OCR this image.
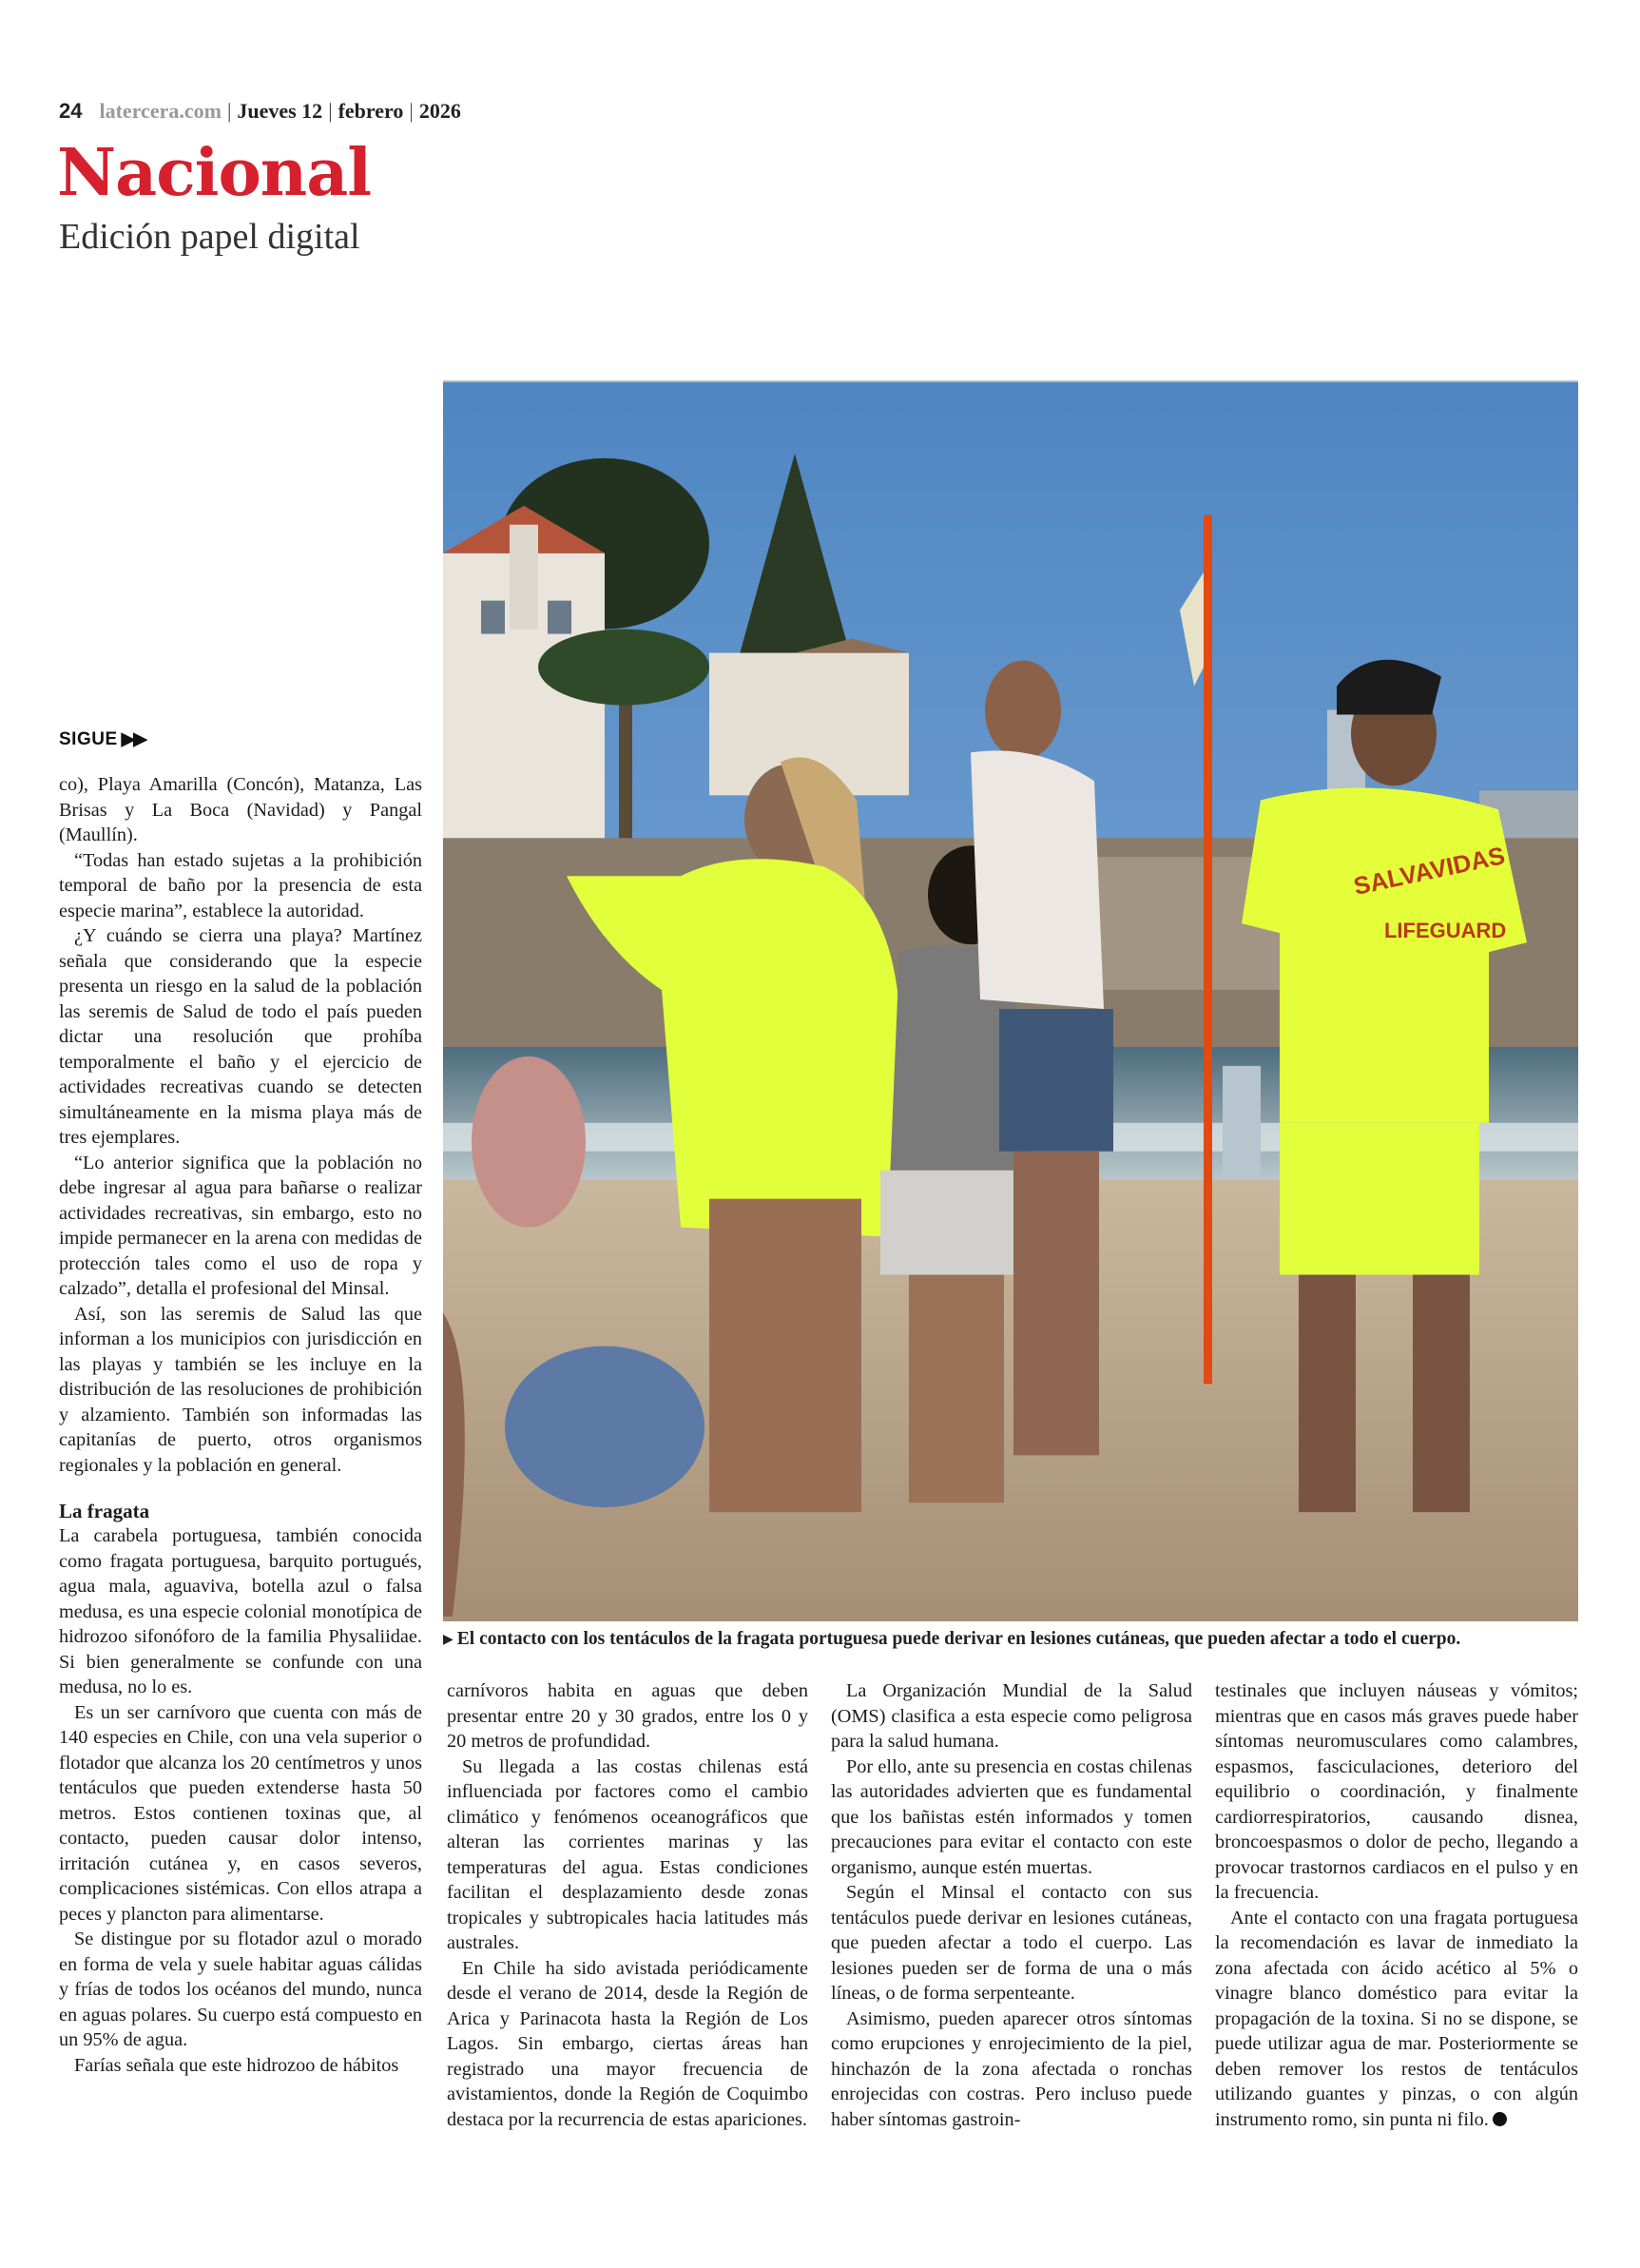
24 latercera.com | Jueves 12 | febrero | 2026
Nacional
Edición papel digital
SALVAVIDAS
LIFEGUARD
▶ El contacto con los tentáculos de la fragata portuguesa puede derivar en lesiones cutáneas, que pueden afectar a todo el cuerpo.
SIGUE ▶▶

co), Playa Amarilla (Concón), Matanza, Las Brisas y La Boca (Navidad) y Pangal (Maullín).

“Todas han estado sujetas a la prohibición temporal de baño por la presencia de esta especie marina”, establece la autoridad.

¿Y cuándo se cierra una playa? Martínez señala que considerando que la especie presenta un riesgo en la salud de la población las seremis de Salud de todo el país pueden dictar una resolución que prohíba temporalmente el baño y el ejercicio de actividades recreativas cuando se detecten simultáneamente en la misma playa más de tres ejemplares.

“Lo anterior significa que la población no debe ingresar al agua para bañarse o realizar actividades recreativas, sin embargo, esto no impide permanecer en la arena con medidas de protección tales como el uso de ropa y calzado”, detalla el profesional del Minsal.

Así, son las seremis de Salud las que informan a los municipios con jurisdicción en las playas y también se les incluye en la distribución de las resoluciones de prohibición y alzamiento. También son informadas las capitanías de puerto, otros organismos regionales y la población en general.

La fragata

La carabela portuguesa, también conocida como fragata portuguesa, barquito portugués, agua mala, aguaviva, botella azul o falsa medusa, es una especie colonial monotípica de hidrozoo sifonóforo de la familia Physaliidae. Si bien generalmente se confunde con una medusa, no lo es.

Es un ser carnívoro que cuenta con más de 140 especies en Chile, con una vela superior o flotador que alcanza los 20 centímetros y unos tentáculos que pueden extenderse hasta 50 metros. Estos contienen toxinas que, al contacto, pueden causar dolor intenso, irritación cutánea y, en casos severos, complicaciones sistémicas. Con ellos atrapa a peces y plancton para alimentarse.

Se distingue por su flotador azul o morado en forma de vela y suele habitar aguas cálidas y frías de todos los océanos del mundo, nunca en aguas polares. Su cuerpo está compuesto en un 95% de agua.

Farías señala que este hidrozoo de hábitos

carnívoros habita en aguas que deben presentar entre 20 y 30 grados, entre los 0 y 20 metros de profundidad.

Su llegada a las costas chilenas está influenciada por factores como el cambio climático y fenómenos oceanográficos que alteran las corrientes marinas y las temperaturas del agua. Estas condiciones facilitan el desplazamiento desde zonas tropicales y subtropicales hacia latitudes más australes.

En Chile ha sido avistada periódicamente desde el verano de 2014, desde la Región de Arica y Parinacota hasta la Región de Los Lagos. Sin embargo, ciertas áreas han registrado una mayor frecuencia de avistamientos, donde la Región de Coquimbo destaca por la recurrencia de estas apariciones.

La Organización Mundial de la Salud (OMS) clasifica a esta especie como peligrosa para la salud humana.

Por ello, ante su presencia en costas chilenas las autoridades advierten que es fundamental que los bañistas estén informados y tomen precauciones para evitar el contacto con este organismo, aunque estén muertas.

Según el Minsal el contacto con sus tentáculos puede derivar en lesiones cutáneas, que pueden afectar a todo el cuerpo. Las lesiones pueden ser de forma de una o más líneas, o de forma serpenteante.

Asimismo, pueden aparecer otros síntomas como erupciones y enrojecimiento de la piel, hinchazón de la zona afectada o ronchas enrojecidas con costras. Pero incluso puede haber síntomas gastroin-

testinales que incluyen náuseas y vómitos; mientras que en casos más graves puede haber síntomas neuromusculares como calambres, espasmos, fasciculaciones, deterioro del equilibrio o coordinación, y finalmente cardiorrespiratorios, causando disnea, broncoespasmos o dolor de pecho, llegando a provocar trastornos cardiacos en el pulso y en la frecuencia.

Ante el contacto con una fragata portuguesa la recomendación es lavar de inmediato la zona afectada con ácido acético al 5% o vinagre blanco doméstico para evitar la propagación de la toxina. Si no se dispone, se puede utilizar agua de mar. Posteriormente se deben remover los restos de tentáculos utilizando guantes y pinzas, o con algún instrumento romo, sin punta ni filo.
